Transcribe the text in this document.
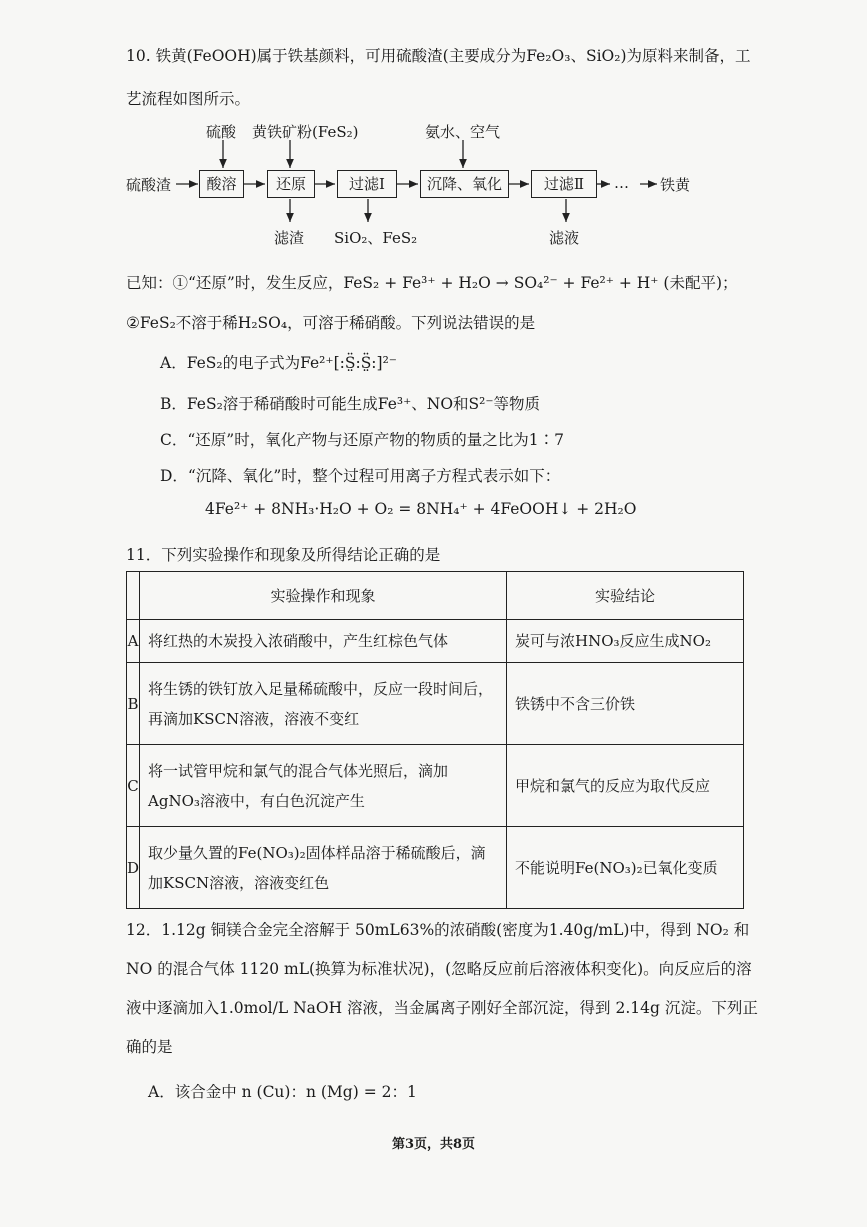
10. 铁黄(FeOOH)属于铁基颜料，可用硫酸渣(主要成分为Fe₂O₃、SiO₂)为原料来制备，工
艺流程如图所示。
硫酸渣	酸溶	还原	过滤Ⅰ	沉降、氧化	过滤Ⅱ	… 铁黄
硫酸 黄铁矿粉(FeS₂)	氨水、空气
滤渣 SiO₂、FeS₂	滤液
已知：①“还原”时，发生反应，FeS₂ + Fe³⁺ + H₂O → SO₄²⁻ + Fe²⁺ + H⁺ (未配平)；
②FeS₂不溶于稀H₂SO₄，可溶于稀硝酸。下列说法错误的是
A．FeS₂的电子式为Fe²⁺[:S̤̈:S̤̈:]²⁻
B．FeS₂溶于稀硝酸时可能生成Fe³⁺、NO和S²⁻等物质
C．“还原”时，氧化产物与还原产物的物质的量之比为1∶7
D．“沉降、氧化”时，整个过程可用离子方程式表示如下：
4Fe²⁺ + 8NH₃·H₂O + O₂ = 8NH₄⁺ + 4FeOOH↓ + 2H₂O
11．下列实验操作和现象及所得结论正确的是
	实验操作和现象	实验结论
A	将红热的木炭投入浓硝酸中，产生红棕色气体	炭可与浓HNO₃反应生成NO₂
B	将生锈的铁钉放入足量稀硫酸中，反应一段时间后，再滴加KSCN溶液，溶液不变红	铁锈中不含三价铁
C	将一试管甲烷和氯气的混合气体光照后，滴加AgNO₃溶液中，有白色沉淀产生	甲烷和氯气的反应为取代反应
D	取少量久置的Fe(NO₃)₂固体样品溶于稀硫酸后，滴加KSCN溶液，溶液变红色	不能说明Fe(NO₃)₂已氧化变质
12．1.12g 铜镁合金完全溶解于 50mL63%的浓硝酸(密度为1.40g/mL)中，得到 NO₂ 和
NO 的混合气体 1120 mL(换算为标准状况)，(忽略反应前后溶液体积变化)。向反应后的溶
液中逐滴加入1.0mol/L NaOH 溶液，当金属离子刚好全部沉淀，得到 2.14g 沉淀。下列正
确的是
A．该合金中 n (Cu)：n (Mg) = 2：1
第3页，共8页
